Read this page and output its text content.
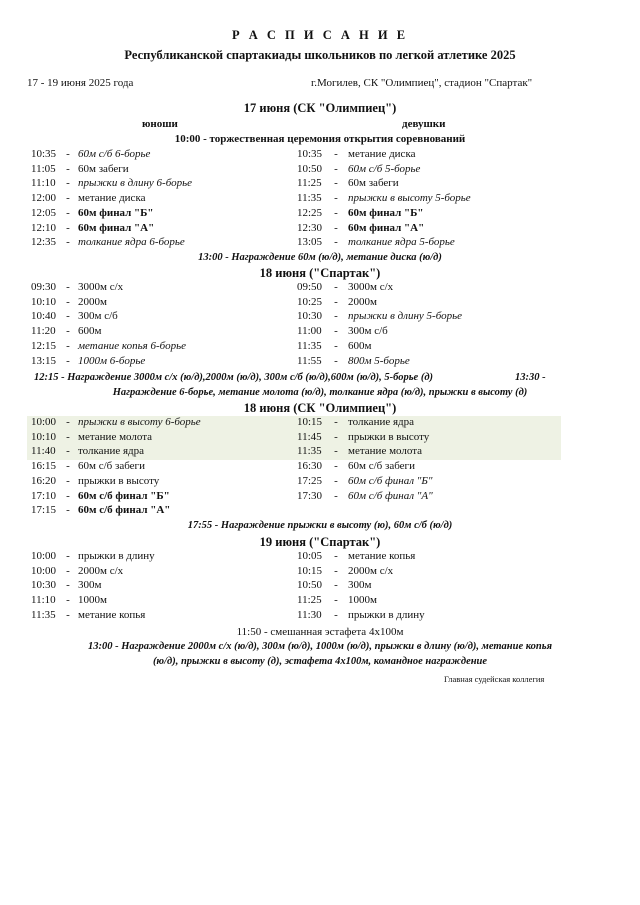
Р А С П И С А Н И Е
Республиканской спартакиады школьников по легкой атлетике 2025
17 - 19 июня 2025 года	г.Могилев, СК "Олимпиец", стадион "Спартак"
17 июня (СК "Олимпиец")
юноши	девушки
10:00 - торжественная церемония открытия соревнований
10:35 - 60м с/б 6-борье	10:35	- метание диска
11:05 - 60м забеги	10:50	- 60м с/б 5-борье
11:10 - прыжки в длину 6-борье	11:25	- 60м забеги
12:00 - метание диска	11:35	- прыжки в высоту 5-борье
12:05 - 60м финал "Б"	12:25	- 60м финал "Б"
12:10 - 60м финал "А"	12:30	- 60м финал "А"
12:35 - толкание ядра 6-борье	13:05	- толкание ядра 5-борье
13:00 - Награждение 60м (ю/д), метание диска (ю/д)
18 июня ("Спартак")
09:30 - 3000м с/х	09:50	- 3000м с/х
10:10 - 2000м	10:25	- 2000м
10:40 - 300м с/б	10:30	- прыжки в длину 5-борье
11:20 - 600м	11:00	- 300м с/б
12:15 - метание копья 6-борье	11:35	- 600м
13:15 - 1000м 6-борье	11:55	- 800м 5-борье
12:15 - Награждение 3000м с/х (ю/д),2000м (ю/д), 300м с/б (ю/д),600м (ю/д), 5-борье (д)	13:30 -
Награждение 6-борье, метание молота (ю/д), толкание ядра (ю/д), прыжки в высоту (д)
18 июня (СК "Олимпиец")
10:00 - прыжки в высоту 6-борье	10:15	- толкание ядра
10:10 - метание молота	11:45	- прыжки в высоту
11:40 - толкание ядра	11:35	- метание молота
16:15 - 60м с/б забеги	16:30	- 60м с/б забеги
16:20 - прыжки в высоту	17:25	- 60м с/б финал "Б"
17:10 - 60м с/б финал "Б"	17:30	- 60м с/б финал "А"
17:15 - 60м с/б финал "А"
17:55 - Награждение прыжки в высоту (ю), 60м с/б (ю/д)
19 июня ("Спартак")
10:00 - прыжки в длину	10:05	- метание копья
10:00 - 2000м с/х	10:15	- 2000м с/х
10:30 - 300м	10:50	- 300м
11:10 - 1000м	11:25	- 1000м
11:35 - метание копья	11:30	- прыжки в длину
11:50 - смешанная эстафета 4х100м
13:00 - Награждение 2000м с/х (ю/д), 300м (ю/д), 1000м (ю/д), прыжки в длину (ю/д), метание копья
(ю/д), прыжки в высоту (д), эстафета 4х100м, командное награждение
Главная судейская коллегия
